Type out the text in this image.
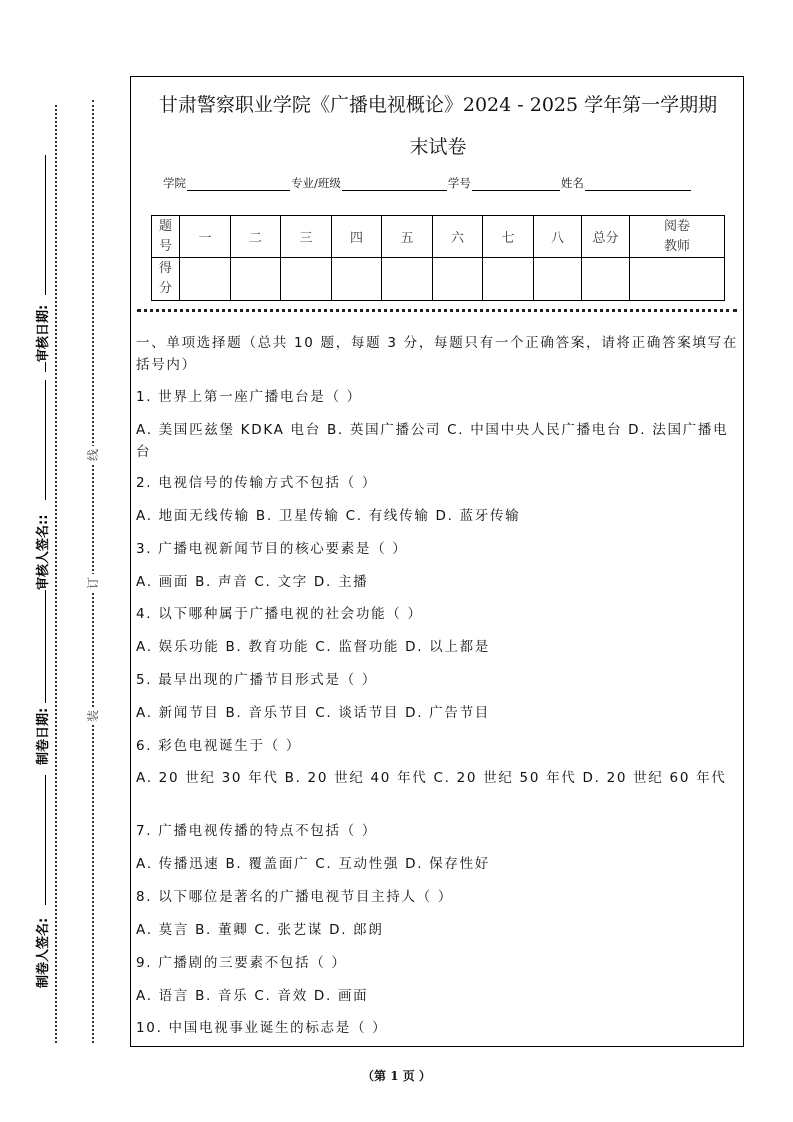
线
订
装
审核日期:
审核人签名::
制卷日期:
制卷人签名:
甘肃警察职业学院《广播电视概论》2024 - 2025 学年第一学期期
末试卷
学院	专业/班级	学号	姓名
题
号	一	二	三	四	五	六	七	八	总分	阅卷
教师
得
分										
一、单项选择题（总共 10 题，每题 3 分，每题只有一个正确答案，请将正确答案填写在括号内）
1. 世界上第一座广播电台是（ ）
A. 美国匹兹堡 KDKA 电台 B. 英国广播公司 C. 中国中央人民广播电台 D. 法国广播电台
2. 电视信号的传输方式不包括（ ）
A. 地面无线传输 B. 卫星传输 C. 有线传输 D. 蓝牙传输
3. 广播电视新闻节目的核心要素是（ ）
A. 画面 B. 声音 C. 文字 D. 主播
4. 以下哪种属于广播电视的社会功能（ ）
A. 娱乐功能 B. 教育功能 C. 监督功能 D. 以上都是
5. 最早出现的广播节目形式是（ ）
A. 新闻节目 B. 音乐节目 C. 谈话节目 D. 广告节目
6. 彩色电视诞生于（ ）
A. 20 世纪 30 年代 B. 20 世纪 40 年代 C. 20 世纪 50 年代 D. 20 世纪 60 年代
7. 广播电视传播的特点不包括（ ）
A. 传播迅速 B. 覆盖面广 C. 互动性强 D. 保存性好
8. 以下哪位是著名的广播电视节目主持人（ ）
A. 莫言 B. 董卿 C. 张艺谋 D. 郎朗
9. 广播剧的三要素不包括（ ）
A. 语言 B. 音乐 C. 音效 D. 画面
10. 中国电视事业诞生的标志是（ ）
（第 1 页 ）
